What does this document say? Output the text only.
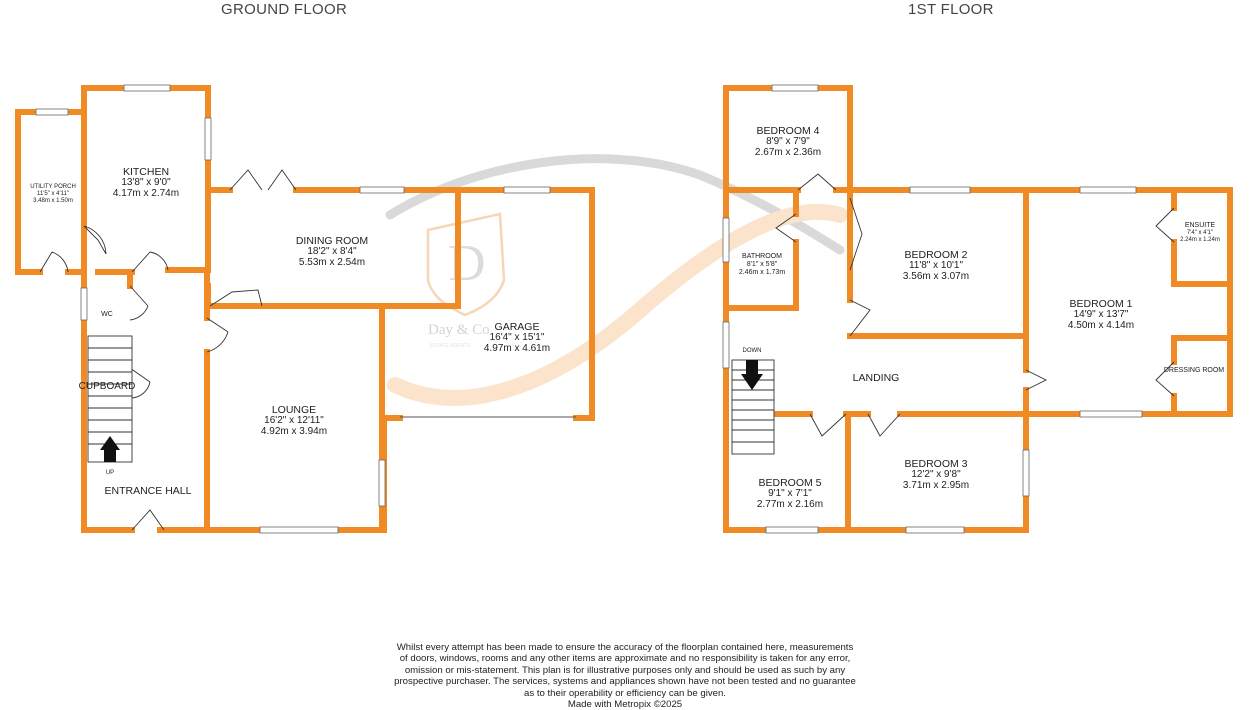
GROUND FLOOR	1ST FLOOR
D
Day & Co
ESTATE AGENTS
UTILITY PORCH
11'5" x 4'11"
3.48m x 1.50m
KITCHEN
13'8" x 9'0"
4.17m x 2.74m
DINING ROOM
18'2" x 8'4"
5.53m x 2.54m
GARAGE
16'4" x 15'1"
4.97m x 4.61m
LOUNGE
16'2" x 12'11"
4.92m x 3.94m
WC
CUPBOARD
UP
ENTRANCE HALL
BEDROOM 4
8'9" x 7'9"
2.67m x 2.36m
BATHROOM
8'1" x 5'8"
2.46m x 1.73m
BEDROOM 2
11'8" x 10'1"
3.56m x 3.07m
ENSUITE
7'4" x 4'1"
2.24m x 1.24m
BEDROOM 1
14'9" x 13'7"
4.50m x 4.14m
DRESSING ROOM
DOWN
LANDING
BEDROOM 5
9'1" x 7'1"
2.77m x 2.16m
BEDROOM 3
12'2" x 9'8"
3.71m x 2.95m
Whilst every attempt has been made to ensure the accuracy of the floorplan contained here, measurements
of doors, windows, rooms and any other items are approximate and no responsibility is taken for any error,
omission or mis-statement. This plan is for illustrative purposes only and should be used as such by any
prospective purchaser. The services, systems and appliances shown have not been tested and no guarantee
as to their operability or efficiency can be given.
Made with Metropix ©2025
